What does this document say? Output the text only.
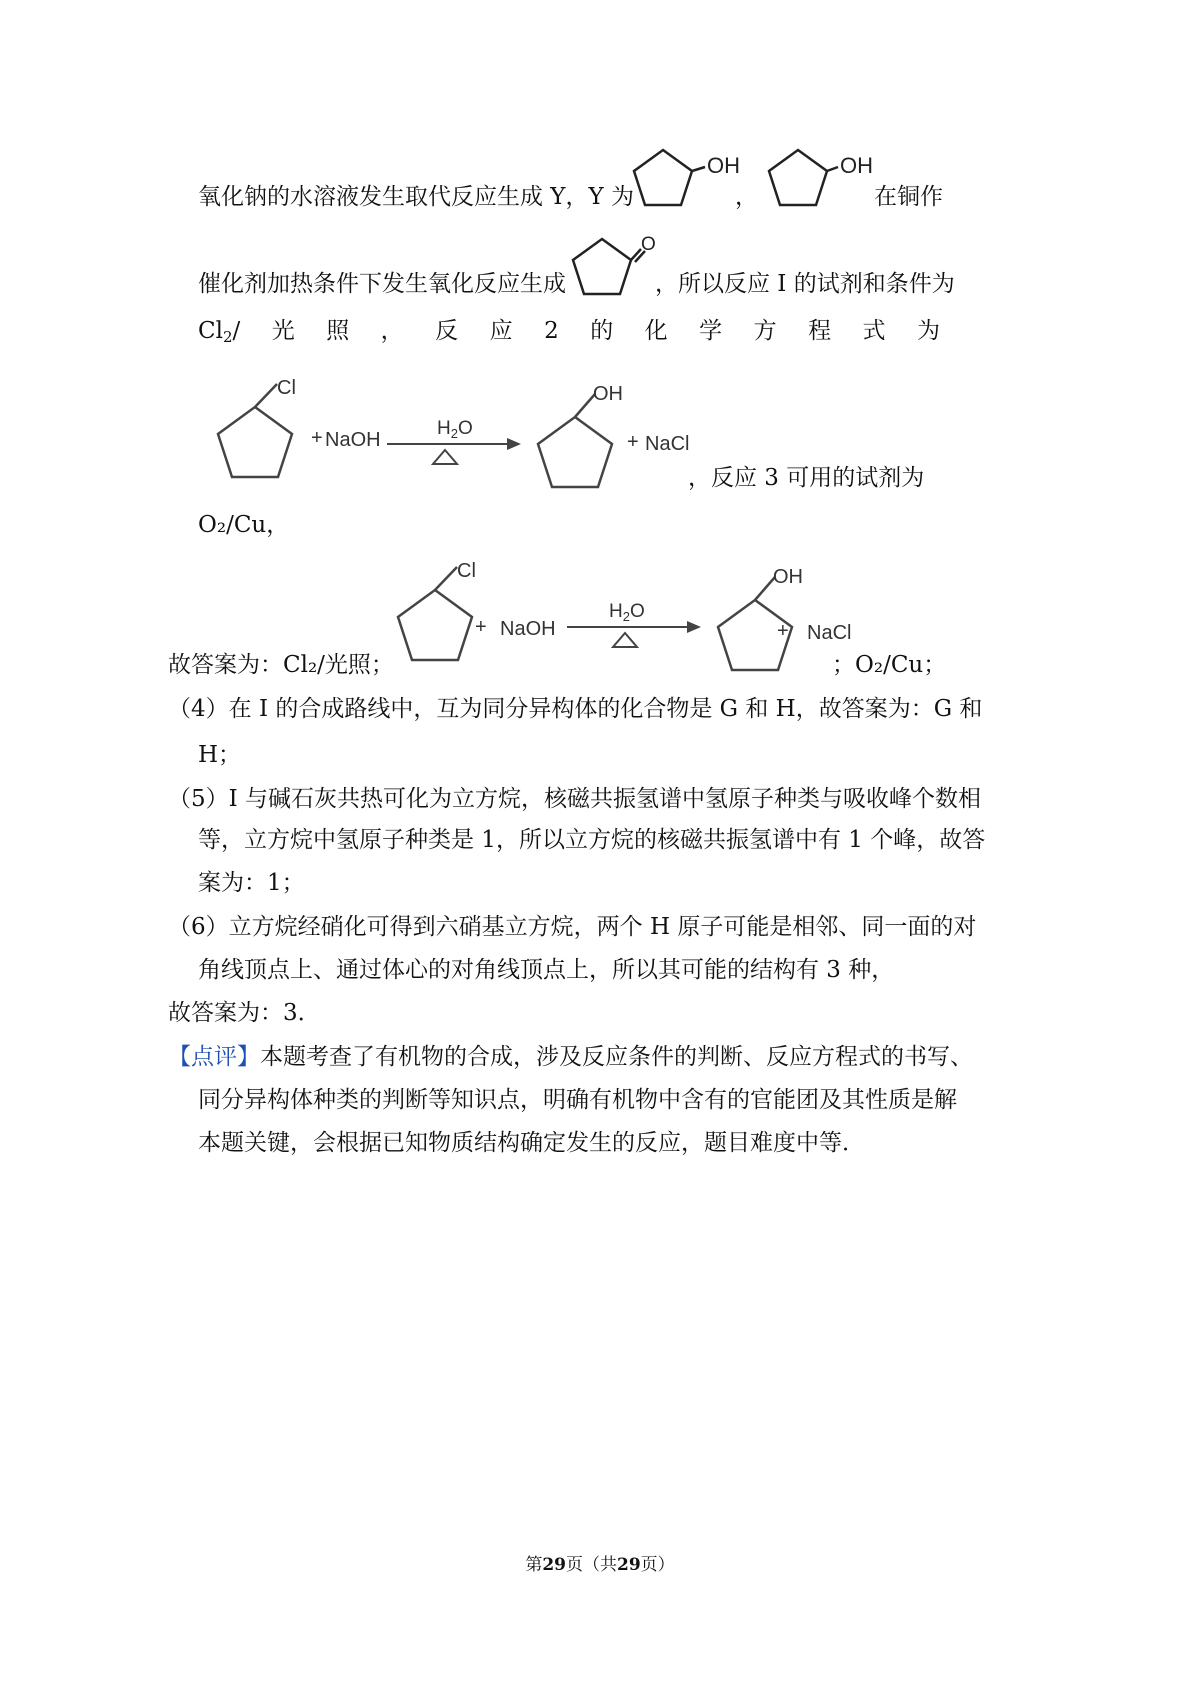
氧化钠的水溶液发生取代反应生成 Y，Y 为
OH
，
OH
在铜作
催化剂加热条件下发生氧化反应生成
O
，所以反应 I 的试剂和条件为
$Cl_2/$ 光 照 ， 反 应 2 的 化 学 方 程 式 为
Cl
+ NaOH
$H_2O$
OH
+ NaCl
，反应 3 可用的试剂为
O₂/Cu，
Cl
+ NaOH
$H_2O$
OH
+ NaCl
故答案为：Cl₂/光照；	；O₂/Cu；
（4）在 I 的合成路线中，互为同分异构体的化合物是 G 和 H，故答案为：G 和
H；
（5）I 与碱石灰共热可化为立方烷，核磁共振氢谱中氢原子种类与吸收峰个数相
等，立方烷中氢原子种类是 1，所以立方烷的核磁共振氢谱中有 1 个峰，故答
案为：1；
（6）立方烷经硝化可得到六硝基立方烷，两个 H 原子可能是相邻、同一面的对
角线顶点上、通过体心的对角线顶点上，所以其可能的结构有 3 种，
故答案为：3．
【点评】本题考查了有机物的合成，涉及反应条件的判断、反应方程式的书写、
同分异构体种类的判断等知识点，明确有机物中含有的官能团及其性质是解
本题关键，会根据已知物质结构确定发生的反应，题目难度中等．
第29页（共29页）
